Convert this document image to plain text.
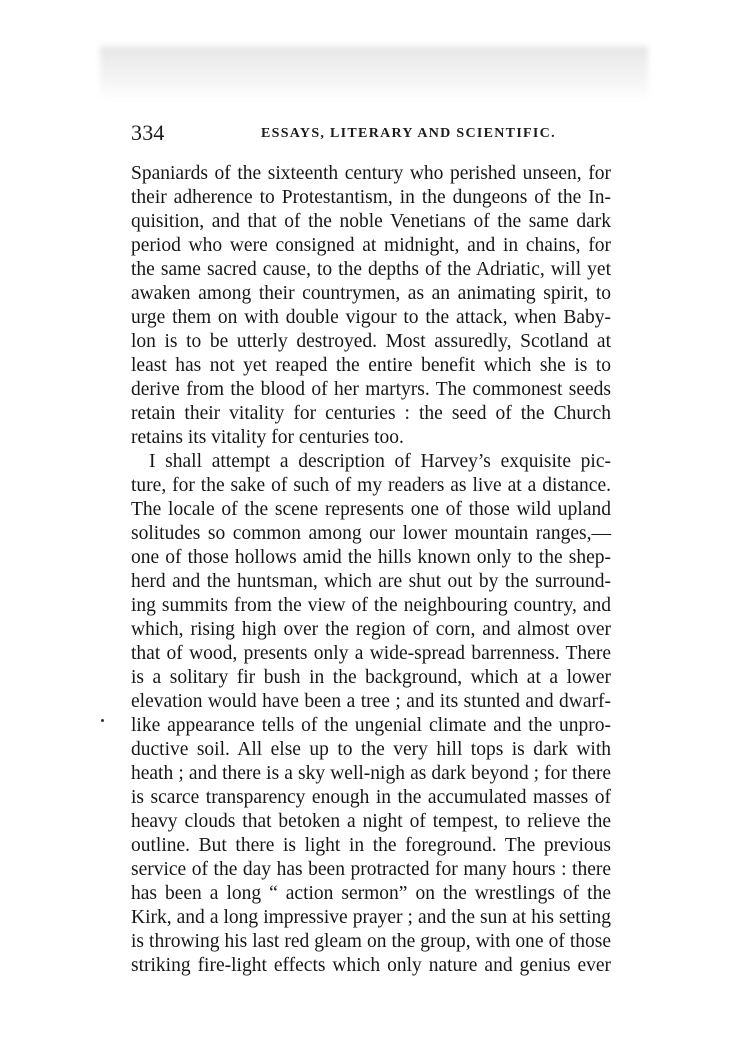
334	ESSAYS, LITERARY AND SCIENTIFIC.
Spaniards of the sixteenth century who perished unseen, for
their adherence to Protestantism, in the dungeons of the In-
quisition, and that of the noble Venetians of the same dark
period who were consigned at midnight, and in chains, for
the same sacred cause, to the depths of the Adriatic, will yet
awaken among their countrymen, as an animating spirit, to
urge them on with double vigour to the attack, when Baby-
lon is to be utterly destroyed. Most assuredly, Scotland at
least has not yet reaped the entire benefit which she is to
derive from the blood of her martyrs. The commonest seeds
retain their vitality for centuries : the seed of the Church
retains its vitality for centuries too.
I shall attempt a description of Harvey’s exquisite pic-
ture, for the sake of such of my readers as live at a distance.
The locale of the scene represents one of those wild upland
solitudes so common among our lower mountain ranges,—
one of those hollows amid the hills known only to the shep-
herd and the huntsman, which are shut out by the surround-
ing summits from the view of the neighbouring country, and
which, rising high over the region of corn, and almost over
that of wood, presents only a wide-spread barrenness. There
is a solitary fir bush in the background, which at a lower
elevation would have been a tree ; and its stunted and dwarf-
like appearance tells of the ungenial climate and the unpro-
ductive soil. All else up to the very hill tops is dark with
heath ; and there is a sky well-nigh as dark beyond ; for there
is scarce transparency enough in the accumulated masses of
heavy clouds that betoken a night of tempest, to relieve the
outline. But there is light in the foreground. The previous
service of the day has been protracted for many hours : there
has been a long “ action sermon” on the wrestlings of the
Kirk, and a long impressive prayer ; and the sun at his setting
is throwing his last red gleam on the group, with one of those
striking fire-light effects which only nature and genius ever
